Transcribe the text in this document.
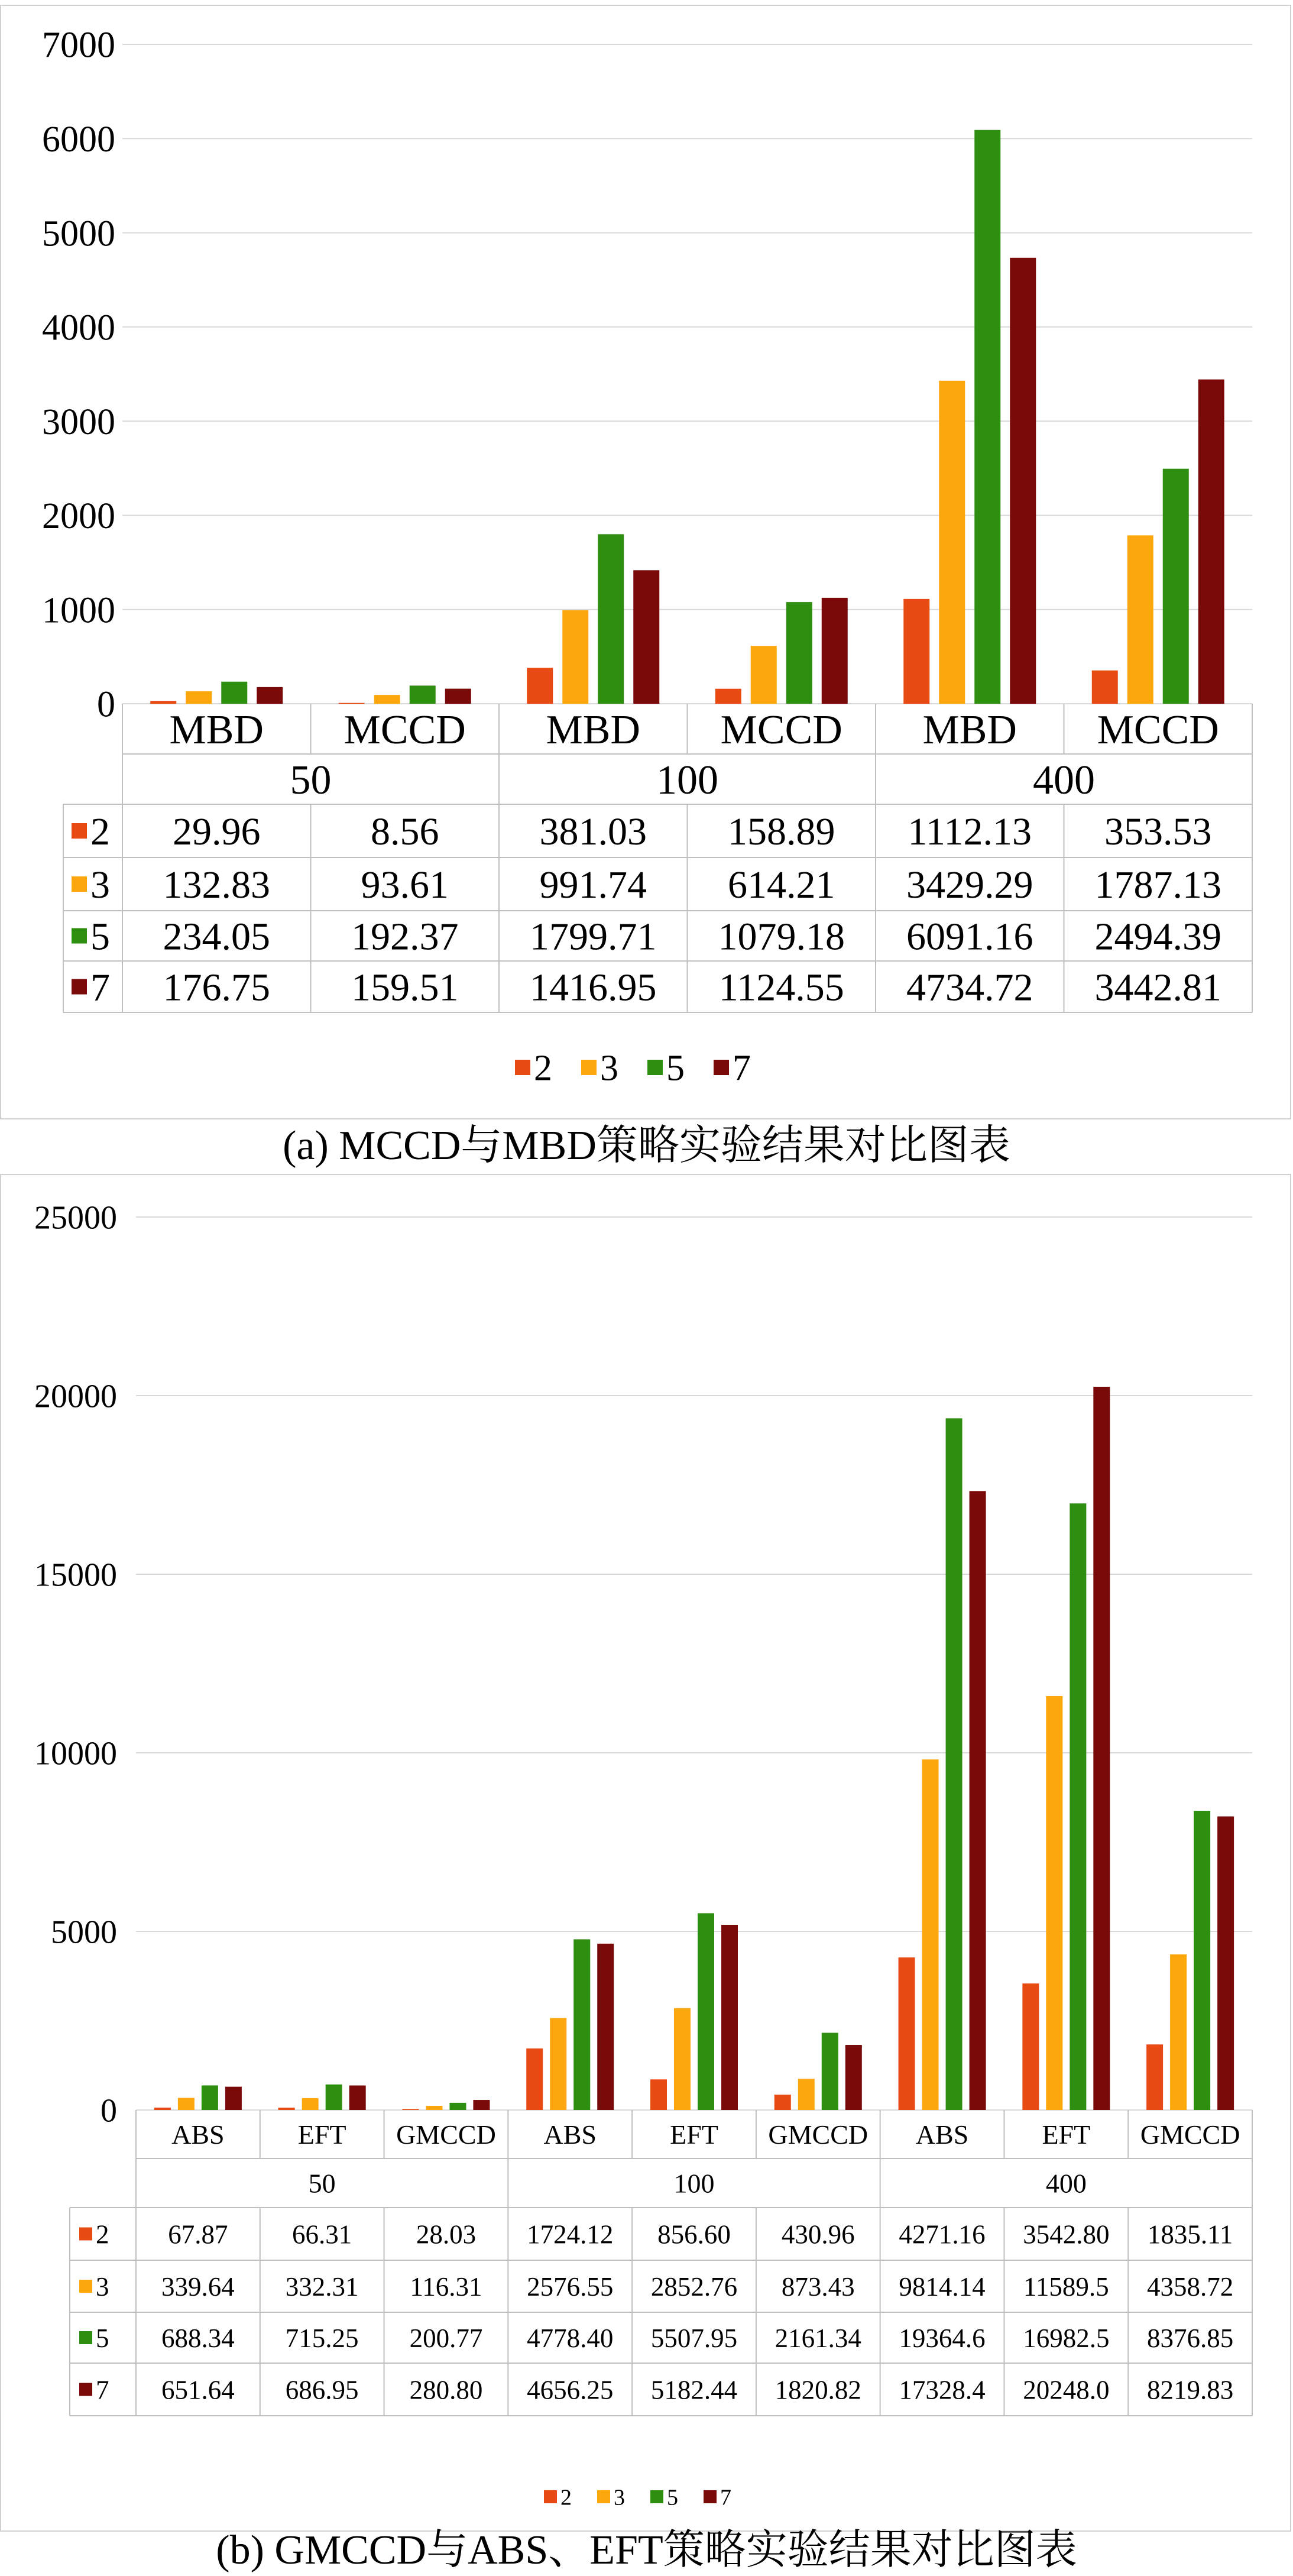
0
1000
2000
3000
4000
5000
6000
7000
MBD MCCD MBD MCCD MBD MCCD
50	100	400
2 29.96	8.56	381.03 158.89 1112.13 353.53
3 132.83 93.61 991.74 614.21 3429.29 1787.13
5 234.05 192.37 1799.71 1079.18 6091.16 2494.39
7 176.75 159.51 1416.95 1124.55 4734.72 3442.81
2 3 5 7
0
5000
10000
15000
20000
25000
ABS	EFT GMCCD ABS	EFT GMCCD ABS	EFT GMCCD
50	100	400
2 67.87 66.31 28.03 1724.12 856.60 430.96 4271.16 3542.80 1835.11
3 339.64 332.31 116.31 2576.55 2852.76 873.43 9814.14 11589.5 4358.72
5 688.34 715.25 200.77 4778.40 5507.95 2161.34 19364.6 16982.5 8376.85
7 651.64 686.95 280.80 4656.25 5182.44 1820.82 17328.4 20248.0 8219.83
2 3 5 7
(a) MCCD与MBD策略实验结果对比图表
(b) GMCCD与ABS、EFT策略实验结果对比图表
